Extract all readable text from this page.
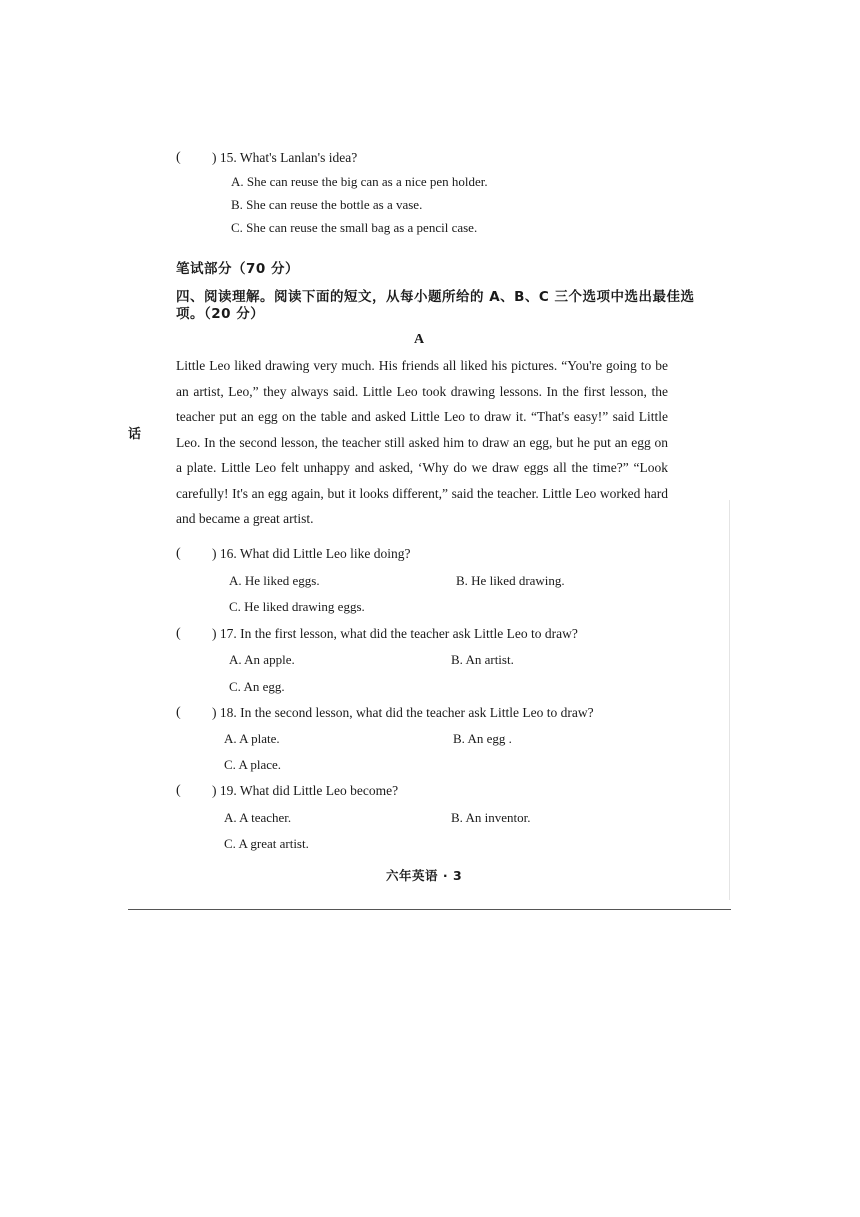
( ) 15. What's Lanlan's idea?
A. She can reuse the big can as a nice pen holder.
B. She can reuse the bottle as a vase.
C. She can reuse the small bag as a pencil case.
笔试部分（70 分）
四、阅读理解。阅读下面的短文，从每小题所给的 A、B、C 三个选项中选出最佳选
项。（20 分）
A
话
Little Leo liked drawing very much. His friends all liked his pictures. “You're going to be an artist, Leo,” they always said. Little Leo took drawing lessons. In the first lesson, the teacher put an egg on the table and asked Little Leo to draw it. “That's easy!” said Little Leo. In the second lesson, the teacher still asked him to draw an egg, but he put an egg on a plate. Little Leo felt unhappy and asked, ‘Why do we draw eggs all the time?” “Look carefully! It's an egg again, but it looks different,” said the teacher. Little Leo worked hard and became a great artist.
( ) 16. What did Little Leo like doing?
A. He liked eggs.	B. He liked drawing.
C. He liked drawing eggs.
( ) 17. In the first lesson, what did the teacher ask Little Leo to draw?
A. An apple.	B. An artist.
C. An egg.
( ) 18. In the second lesson, what did the teacher ask Little Leo to draw?
A. A plate.	B. An egg .
C. A place.
( ) 19. What did Little Leo become?
A. A teacher.	B. An inventor.
C. A great artist.
六年英语 · 3
